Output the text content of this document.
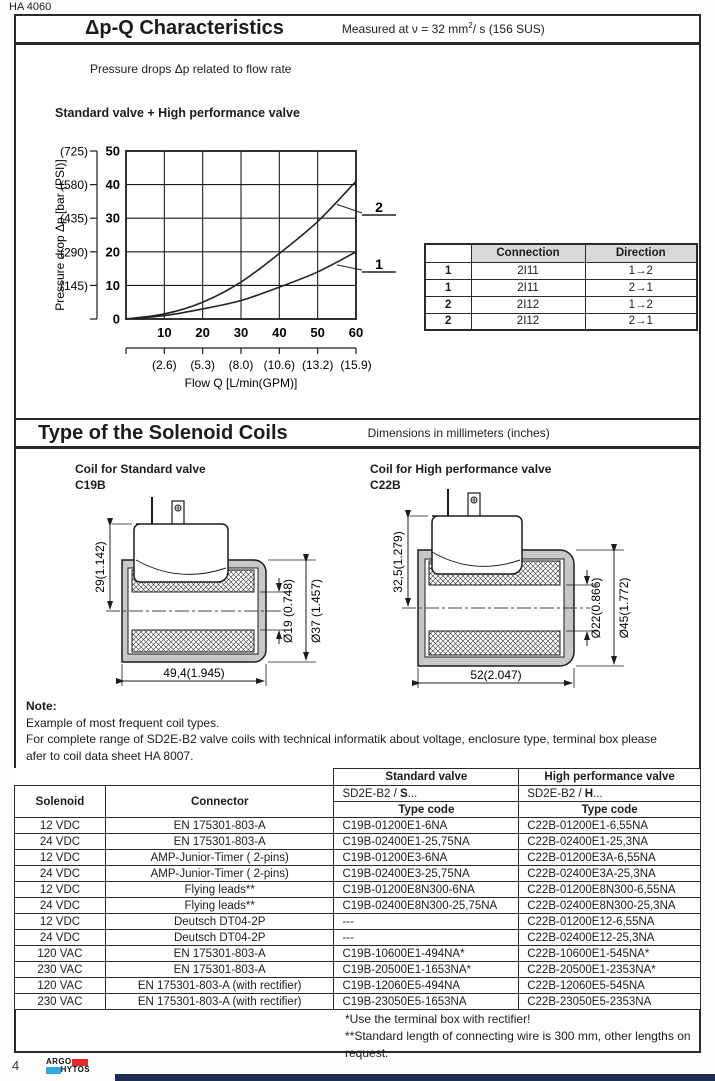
HA 4060
Δp-Q Characteristics	Measured at ν = 32 $mm^2/$ s (156 SUS)
Pressure drops Δp related to flow rate
Standard valve + High performance valve
2
1
0
10
20
30
40
50
(145)
(290)
(435)
(580)
(725)
10 20 30 40 50 60
(2.6) (5.3) (8.0) (10.6) (13.2) (15.9)
Flow Q [L/min(GPM)]
Pressure drop Δp [bar (PSI)]
		Connection	Direction
1	2I11	1→2
1	2I11	2→1
2	2I12	1→2
2	2I12	2→1
Type of the Solenoid Coils	Dimensions in millimeters (inches)
Coil for Standard valve
C19B
Coil for High performance valve
C22B
29(1.142)
Ø19 (0.748) Ø37 (1.457)
49,4(1.945)
32,5(1.279)
Ø22(0.866) Ø45(1.772)
52(2.047)
Note:
Example of most frequent coil types.
For complete range of SD2E-B2 valve coils with technical informatik about voltage, enclosure type, terminal box please
afer to coil data sheet HA 8007.
		Standard valve	High performance valve
Solenoid	Connector	SD2E-B2 / S...	SD2E-B2 / H...
		Type code	Type code
12 VDC	EN 175301-803-A	C19B-01200E1-6NA	C22B-01200E1-6,55NA
24 VDC	EN 175301-803-A	C19B-02400E1-25,75NA	C22B-02400E1-25,3NA
12 VDC	AMP-Junior-Timer ( 2-pins)	C19B-01200E3-6NA	C22B-01200E3A-6,55NA
24 VDC	AMP-Junior-Timer ( 2-pins)	C19B-02400E3-25,75NA	C22B-02400E3A-25,3NA
12 VDC	Flying leads**	C19B-01200E8N300-6NA	C22B-01200E8N300-6,55NA
24 VDC	Flying leads**	C19B-02400E8N300-25,75NA	C22B-02400E8N300-25,3NA
12 VDC	Deutsch DT04-2P	---	C22B-01200E12-6,55NA
24 VDC	Deutsch DT04-2P	---	C22B-02400E12-25,3NA
120 VAC	EN 175301-803-A	C19B-10600E1-494NA*	C22B-10600E1-545NA*
230 VAC	EN 175301-803-A	C19B-20500E1-1653NA*	C22B-20500E1-2353NA*
120 VAC	EN 175301-803-A (with rectifier)	C19B-12060E5-494NA	C22B-12060E5-545NA
230 VAC	EN 175301-803-A (with rectifier)	C19B-23050E5-1653NA	C22B-23050E5-2353NA
*Use the terminal box with rectifier!
**Standard length of connecting wire is 300 mm, other lengths on request.
4	ARGO
HYTOS
